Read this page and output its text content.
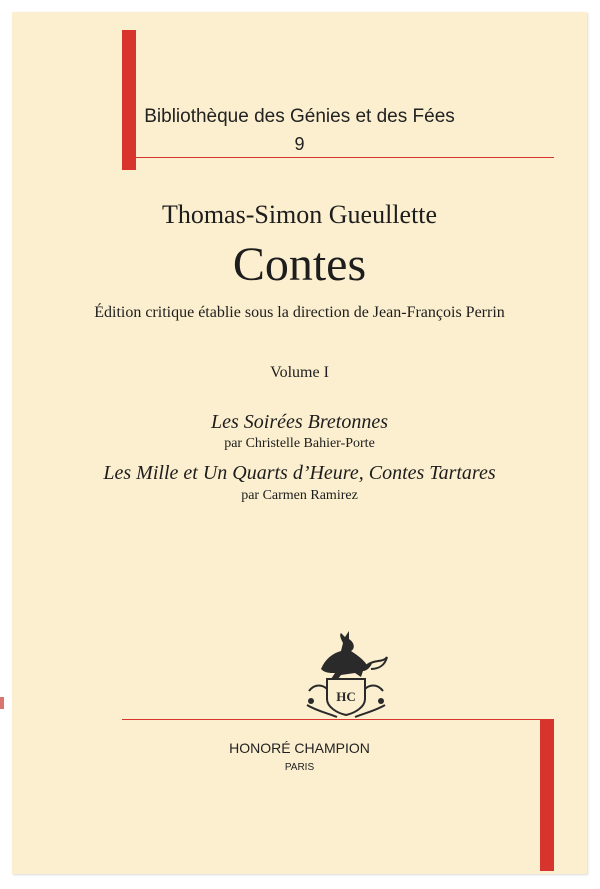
Bibliothèque des Génies et des Fées
9
Thomas-Simon Gueullette
Contes
Édition critique établie sous la direction de Jean-François Perrin
Volume I
Les Soirées Bretonnes
par Christelle Bahier-Porte
Les Mille et Un Quarts d’Heure, Contes Tartares
par Carmen Ramirez
HC
HONORÉ CHAMPION
PARIS
